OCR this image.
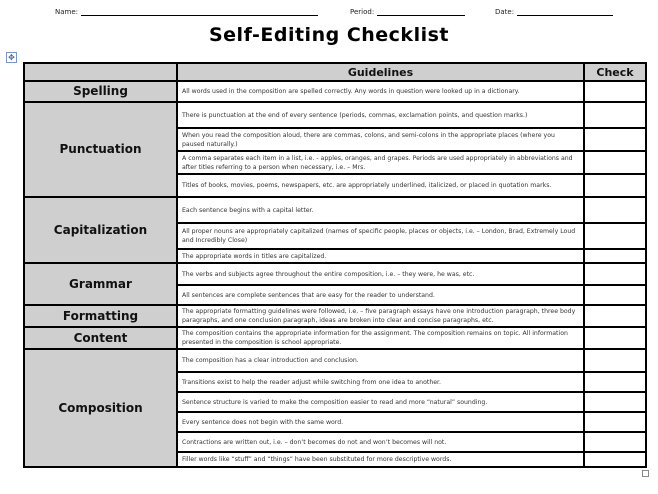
Name:	Period:	Date:
Self-Editing Checklist
✥
	Guidelines	Check
Spelling	All words used in the composition are spelled correctly. Any words in question were looked up in a dictionary.	
Punctuation	There is punctuation at the end of every sentence (periods, commas, exclamation points, and question marks.)	
	When you read the composition aloud, there are commas, colons, and semi-colons in the appropriate places (where you paused naturally.)	
	A comma separates each item in a list, i.e. - apples, oranges, and grapes. Periods are used appropriately in abbreviations and after titles referring to a person when necessary, i.e. – Mrs.	
	Titles of books, movies, poems, newspapers, etc. are appropriately underlined, italicized, or placed in quotation marks.	
Capitalization	Each sentence begins with a capital letter.	
	All proper nouns are appropriately capitalized (names of specific people, places or objects, i.e. – London, Brad, Extremely Loud and Incredibly Close)	
	The appropriate words in titles are capitalized.	
Grammar	The verbs and subjects agree throughout the entire composition, i.e. – they were, he was, etc.	
	All sentences are complete sentences that are easy for the reader to understand.	
Formatting	The appropriate formatting guidelines were followed, i.e. – five paragraph essays have one introduction paragraph, three body paragraphs, and one conclusion paragraph, ideas are broken into clear and concise paragraphs, etc.	
Content	The composition contains the appropriate information for the assignment. The composition remains on topic. All information presented in the composition is school appropriate.	
Composition	The composition has a clear introduction and conclusion.	
	Transitions exist to help the reader adjust while switching from one idea to another.	
	Sentence structure is varied to make the composition easier to read and more “natural” sounding.	
	Every sentence does not begin with the same word.	
	Contractions are written out, i.e. – don’t becomes do not and won’t becomes will not.	
	Filler words like “stuff” and “things” have been substituted for more descriptive words.	
